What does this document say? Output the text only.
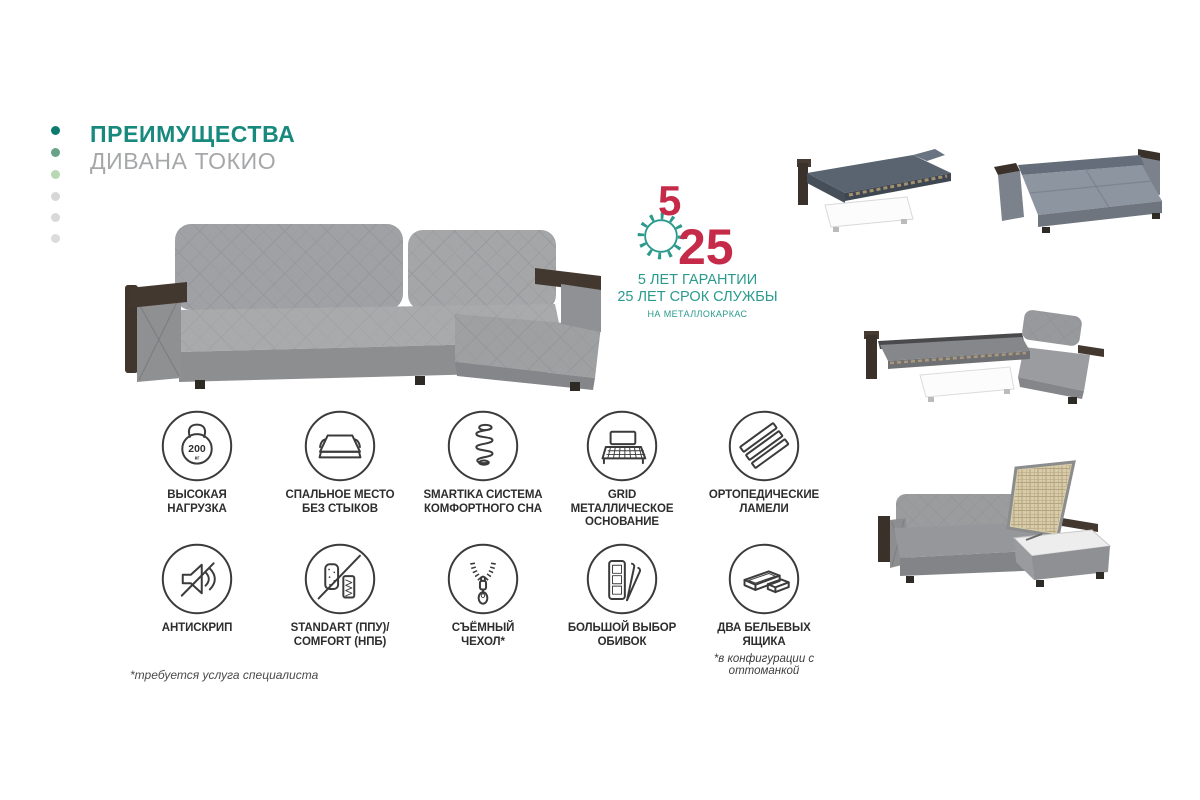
ПРЕИМУЩЕСТВА
ДИВАНА ТОКИО
5
25
5 ЛЕТ ГАРАНТИИ
25 ЛЕТ СРОК СЛУЖБЫ
НА МЕТАЛЛОКАРКАС
200
кг
ВЫСОКАЯ
НАГРУЗКА
СПАЛЬНОЕ МЕСТО
БЕЗ СТЫКОВ
SMARTIKA СИСТЕМА
КОМФОРТНОГО СНА
GRID
МЕТАЛЛИЧЕСКОЕ
ОСНОВАНИЕ
ОРТОПЕДИЧЕСКИЕ
ЛАМЕЛИ
АНТИСКРИП	STANDART (ППУ)/
COMFORT (НПБ)
СЪЁМНЫЙ
ЧЕХОЛ*
БОЛЬШОЙ ВЫБОР
ОБИВОК
ДВА БЕЛЬЕВЫХ
ЯЩИКА
*в конфигурации с оттоманкой
*требуется услуга специалиста
